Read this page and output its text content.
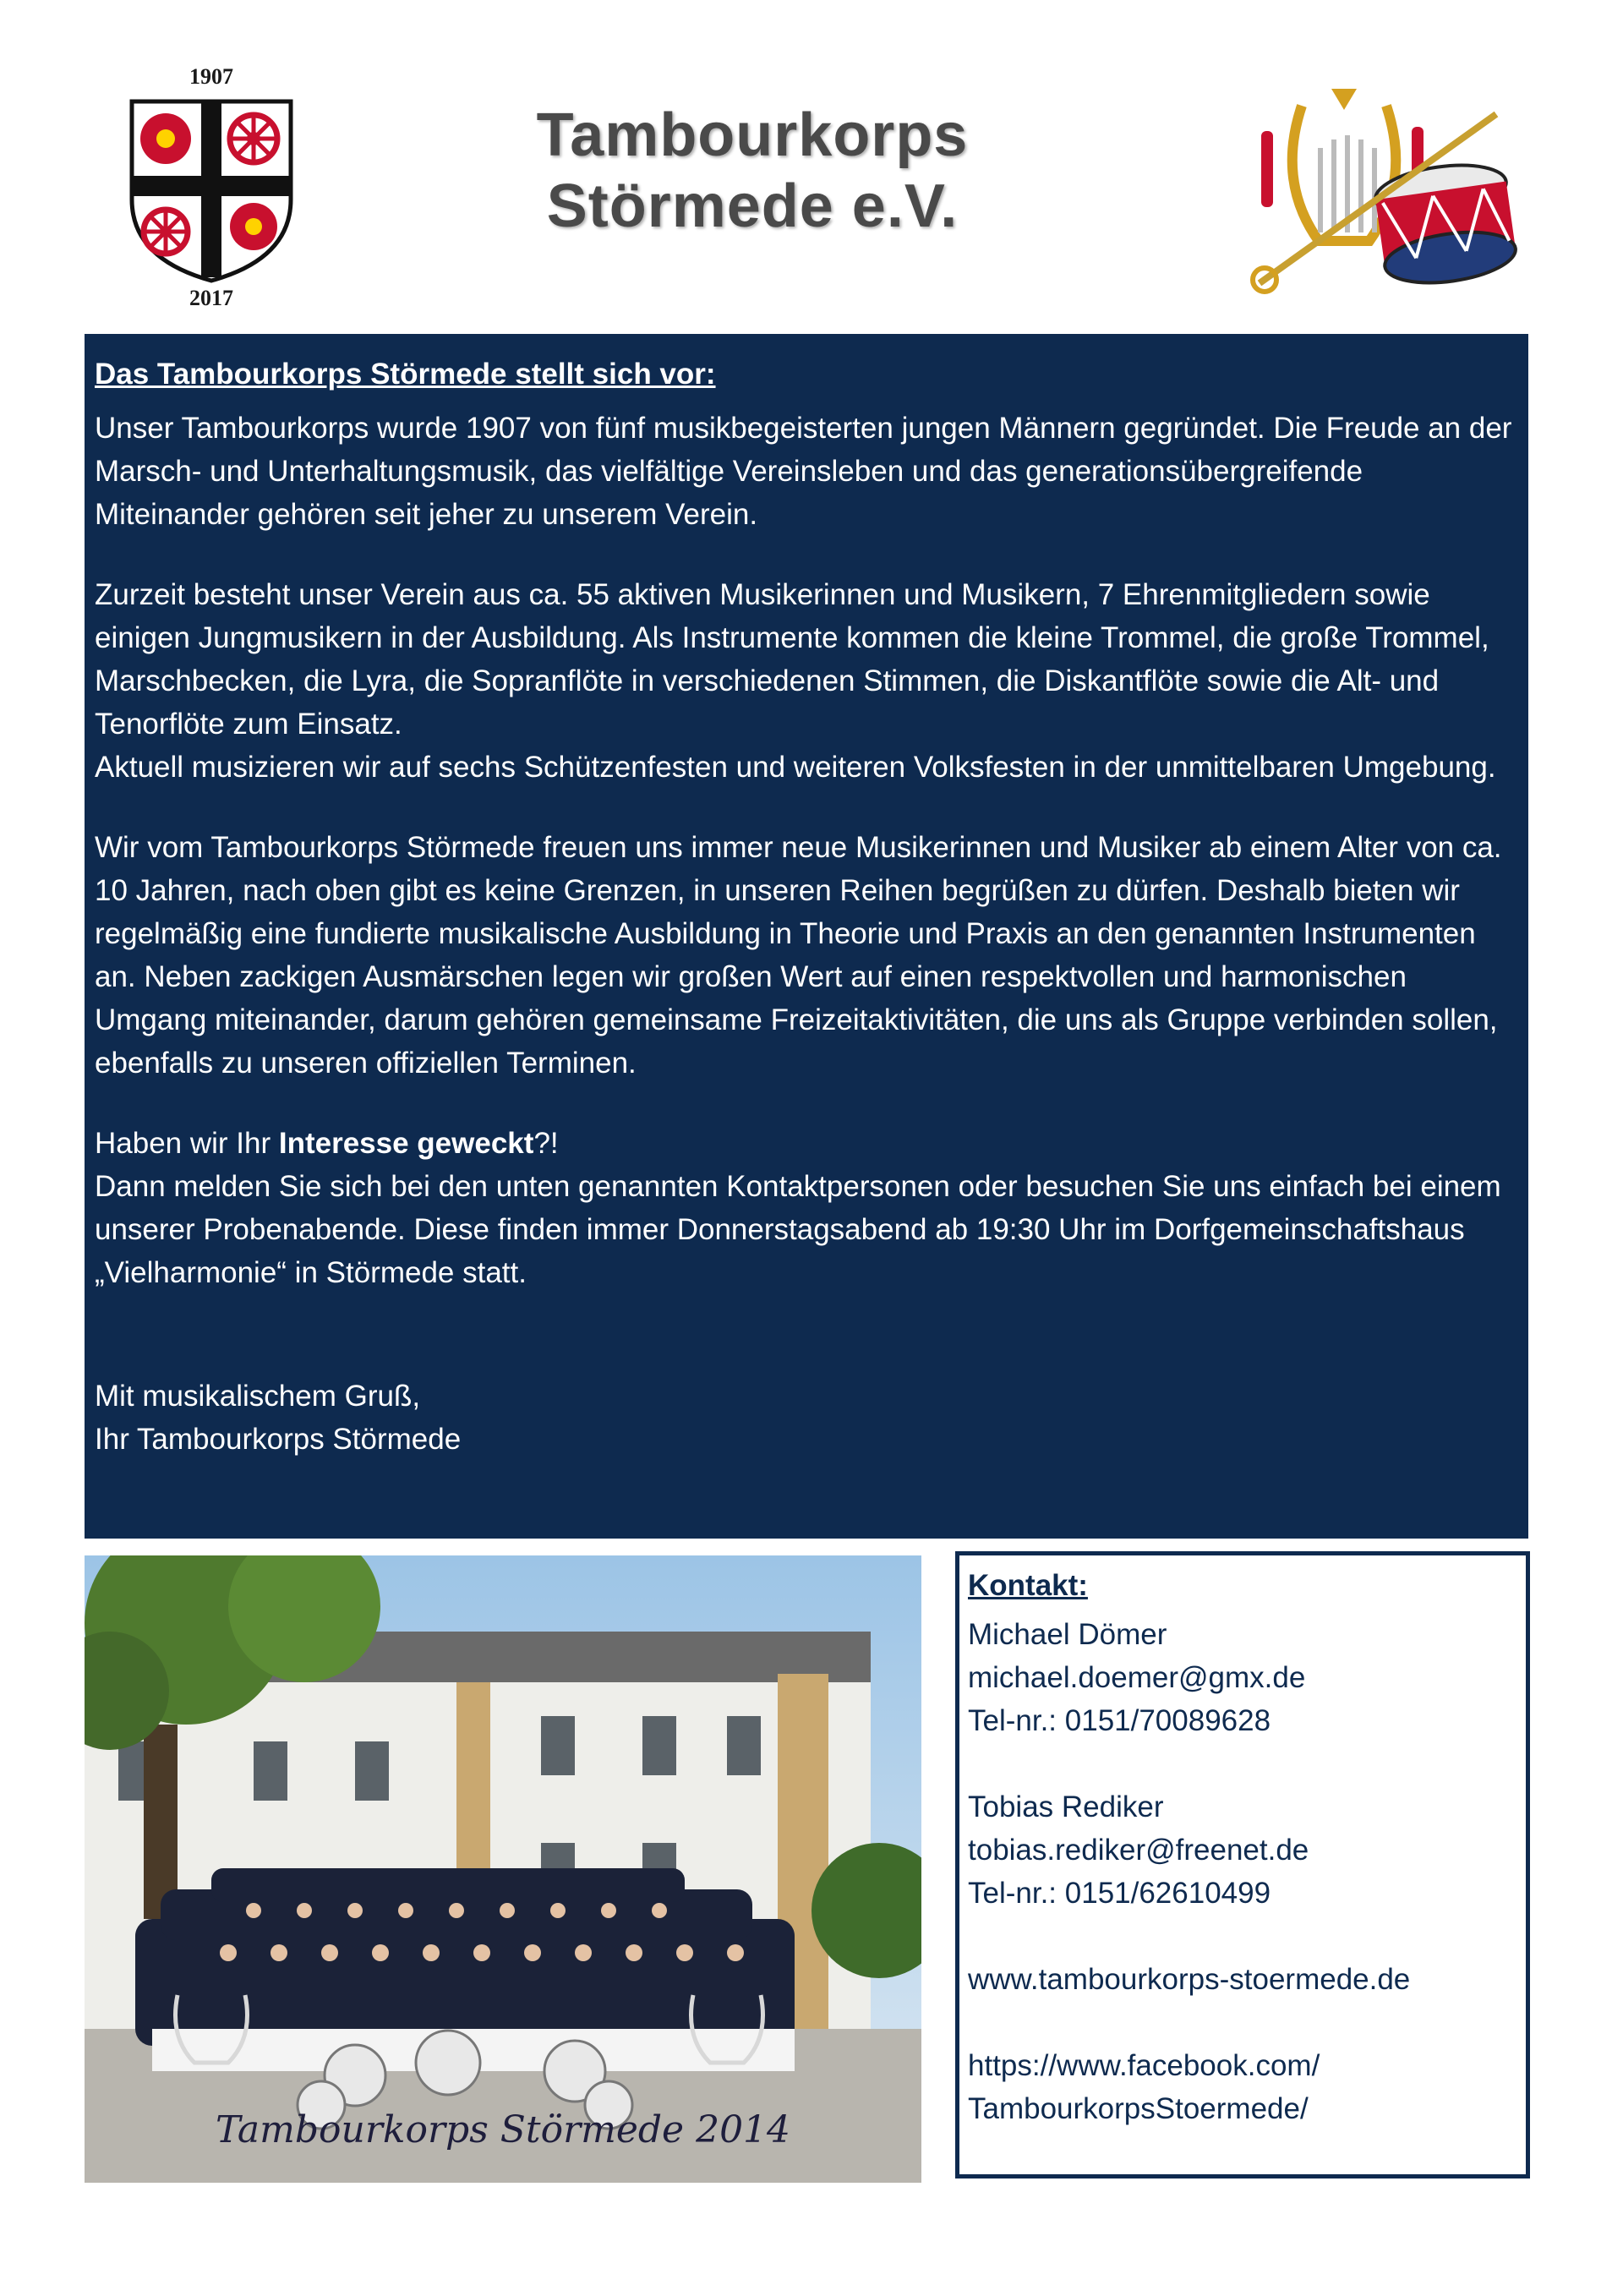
1907
2017
Tambourkorps
Störmede e.V.
Das Tambourkorps Störmede stellt sich vor:

Unser Tambourkorps wurde 1907 von fünf musikbegeisterten jungen Männern gegründet. Die Freude an der Marsch- und Unterhaltungsmusik, das vielfältige Vereinsleben und das generationsübergreifende Miteinander gehören seit jeher zu unserem Verein.

Zurzeit besteht unser Verein aus ca. 55 aktiven Musikerinnen und Musikern, 7 Ehrenmitgliedern sowie einigen Jungmusikern in der Ausbildung. Als Instrumente kommen die kleine Trommel, die große Trommel, Marschbecken, die Lyra, die Sopranflöte in verschiedenen Stimmen, die Diskantflöte sowie die Alt- und Tenorflöte zum Einsatz.

Aktuell musizieren wir auf sechs Schützenfesten und weiteren Volksfesten in der unmittelbaren Umgebung.

Wir vom Tambourkorps Störmede freuen uns immer neue Musikerinnen und Musiker ab einem Alter von ca. 10 Jahren, nach oben gibt es keine Grenzen, in unseren Reihen begrüßen zu dürfen. Deshalb bieten wir regelmäßig eine fundierte musikalische Ausbildung in Theorie und Praxis an den genannten Instrumenten an. Neben zackigen Ausmärschen legen wir großen Wert auf einen respektvollen und harmonischen Umgang miteinander, darum gehören gemeinsame Freizeitaktivitäten, die uns als Gruppe verbinden sollen, ebenfalls zu unseren offiziellen Terminen.

Haben wir Ihr Interesse geweckt?!

Dann melden Sie sich bei den unten genannten Kontaktpersonen oder besuchen Sie uns einfach bei einem unserer Probenabende. Diese finden immer Donnerstagsabend ab 19:30 Uhr im Dorfgemeinschaftshaus „Vielharmonie“ in Störmede statt.

Mit musikalischem Gruß,

Ihr Tambourkorps Störmede

Tambourkorps Störmede 2014
Kontakt:
Michael Dömer
michael.doemer@gmx.de
Tel-nr.: 0151/70089628
Tobias Rediker
tobias.rediker@freenet.de
Tel-nr.: 0151/62610499
www.tambourkorps-stoermede.de
https://www.facebook.com/
TambourkorpsStoermede/
